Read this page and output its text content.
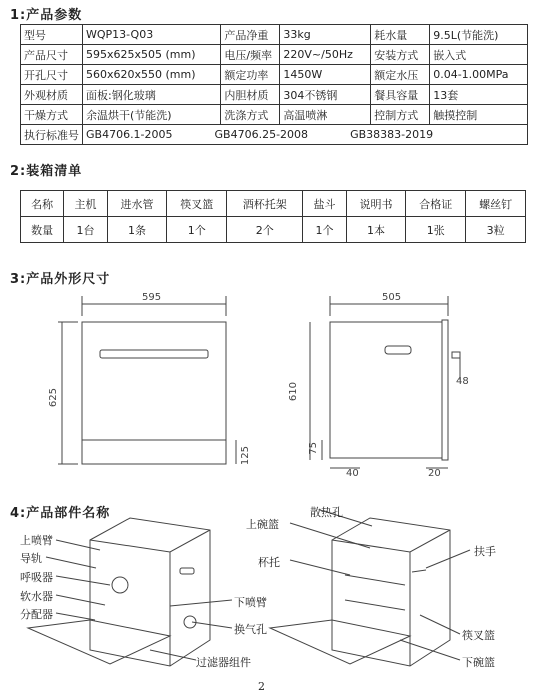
1:产品参数
型号	WQP13-Q03	产品净重	33kg	耗水量	9.5L(节能洗)
产品尺寸	595x625x505 (mm)	电压/频率	220V~/50Hz	安装方式	嵌入式
开孔尺寸	560x620x550 (mm)	额定功率	1450W	额定水压	0.04-1.00MPa
外观材质	面板:钢化玻璃	内胆材质	304不锈钢	餐具容量	13套
干燥方式	余温烘干(节能洗)	洗涤方式	高温喷淋	控制方式	触摸控制
执行标准号	GB4706.1-2005 GB4706.25-2008 GB38383-2019				
2:装箱清单
名称	主机	进水管	筷叉篮	酒杯托架	盐斗	说明书	合格证	螺丝钉
数量	1台	1条	1个	2个	1个	1本	1张	3粒
3:产品外形尺寸
595
625
125
505
610
75
40	20
48
4:产品部件名称
上喷臂
导轨
呼吸器
软水器
分配器
下喷臂
换气孔
过滤器组件
上碗篮
散热孔
杯托
扶手
筷叉篮
下碗篮
2
